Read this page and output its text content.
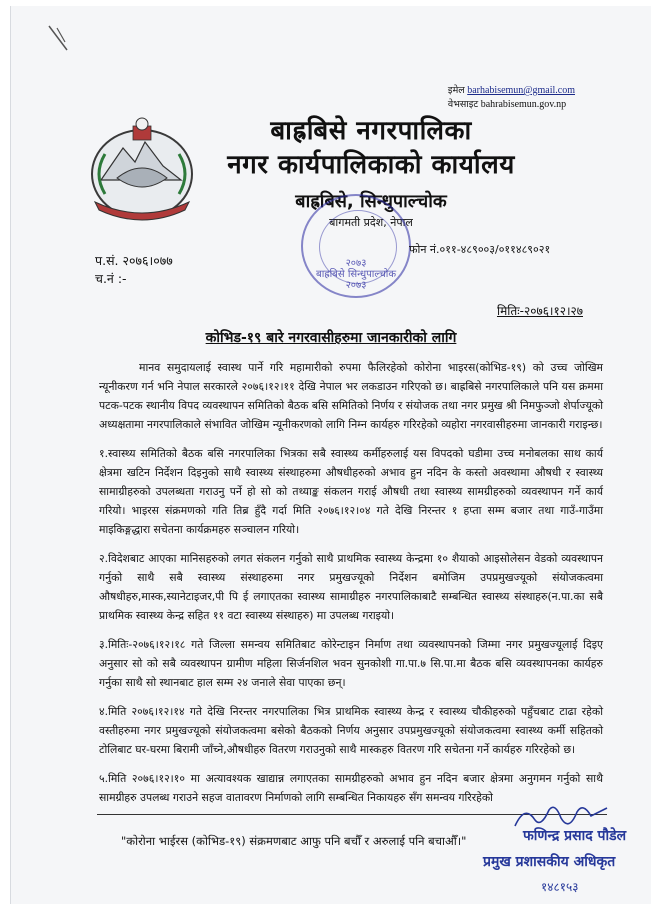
इमेल barhabisemun@gmail.com
वेभसाइट bahrabisemun.gov.np
बाह्रबिसे नगरपालिका
नगर कार्यपालिकाको कार्यालय
बाह्रबिसे, सिन्धुपाल्चोक
बागमती प्रदेश, नेपाल
२०७३
बाह्रबिसे सिन्धुपाल्चोक
२०७३
फोन नं.०११-४८९००३/०११४८९०२१
प.सं. २०७६।०७७
च.नं :-
मितिः-२०७६।१२।२७
कोभिड-१९ बारे नगरवासीहरुमा जानकारीको लागि

मानव समुदायलाई स्वास्थ पार्ने गरि महामारीको रुपमा फैलिरहेको कोरोना भाइरस(कोभिड-१९) को उच्च जोखिम न्यूनीकरण गर्न भनि नेपाल सरकारले २०७६।१२।११ देखि नेपाल भर लकडाउन गरिएको छ। बाह्रबिसे नगरपालिकाले पनि यस क्रममा पटक-पटक स्थानीय विपद व्यवस्थापन समितिको बैठक बसि समितिको निर्णय र संयोजक तथा नगर प्रमुख श्री निमफुञ्जो शेर्पाज्यूको अध्यक्षतामा नगरपालिकाले संभावित जोखिम न्यूनीकरणको लागि निम्न कार्यहरु गरिरहेको व्यहोरा नगरवासीहरुमा जानकारी गराइन्छ।

१.स्वास्थ्य समितिको बैठक बसि नगरपालिका भित्रका सबै स्वास्थ्य कर्मीहरुलाई यस विपदको घडीमा उच्च मनोबलका साथ कार्य क्षेत्रमा खटिन निर्देशन दिइनुको साथै स्वास्थ्य संस्थाहरुमा औषधीहरुको अभाव हुन नदिन के कस्तो अवस्थामा औषधी र स्वास्थ्य सामाग्रीहरुको उपलब्धता गराउनु पर्ने हो सो को तथ्याङ्क संकलन गराई औषधी तथा स्वास्थ्य सामग्रीहरुको व्यवस्थापन गर्ने कार्य गरियो। भाइरस संक्रमणको गति तिब्र हुँदै गर्दा मिति २०७६।१२।०४ गते देखि निरन्तर १ हप्ता सम्म बजार तथा गाउँ-गाउँमा माइकिङ्गद्धारा सचेतना कार्यक्रमहरु सञ्चालन गरियो।

२.विदेशबाट आएका मानिसहरुको लगत संकलन गर्नुको साथै प्राथमिक स्वास्थ्य केन्द्रमा १० शैयाको आइसोलेसन वेडको व्यवस्थापन गर्नुको साथै सबै स्वास्थ्य संस्थाहरुमा नगर प्रमुखज्यूको निर्देशन बमोजिम उपप्रमुखज्यूको संयोजकत्वमा औषधीहरु,मास्क,स्यानेटाइजर,पी पि ई लगाएतका स्वास्थ्य सामाग्रीहरु नगरपालिकाबाटै सम्बन्धित स्वास्थ्य संस्थाहरु(न.पा.का सबै प्राथमिक स्वास्थ्य केन्द्र सहित ११ वटा स्वास्थ्य संस्थाहरु) मा उपलब्ध गराइयो।

३.मितिः-२०७६।१२।१८ गते जिल्ला समन्वय समितिबाट कोरेन्टाइन निर्माण तथा व्यवस्थापनको जिम्मा नगर प्रमुखज्यूलाई दिइए अनुसार सो को सबै व्यवस्थापन ग्रामीण महिला सिर्जनशिल भवन सुनकोशी गा.पा.७ सि.पा.मा बैठक बसि व्यवस्थापनका कार्यहरु गर्नुका साथै सो स्थानबाट हाल सम्म २४ जनाले सेवा पाएका छन्।

४.मिति २०७६।१२।१४ गते देखि निरन्तर नगरपालिका भित्र प्राथमिक स्वास्थ्य केन्द्र र स्वास्थ्य चौकीहरुको पहुँचबाट टाढा रहेको वस्तीहरुमा नगर प्रमुखज्यूको संयोजकत्वमा बसेको बैठकको निर्णय अनुसार उपप्रमुखज्यूको संयोजकत्वमा स्वास्थ्य कर्मी सहितको टोलिबाट घर-घरमा बिरामी जाँच्ने,औषधीहरु वितरण गराउनुको साथै मास्कहरु वितरण गरि सचेतना गर्ने कार्यहरु गरिरहेको छ।

५.मिति २०७६।१२।१० मा अत्यावश्यक खाद्यान्न लगाएतका सामग्रीहरुको अभाव हुन नदिन बजार क्षेत्रमा अनुगमन गर्नुको साथै सामग्रीहरु उपलब्ध गराउने सहज वातावरण निर्माणको लागि सम्बन्धित निकायहरु सँग समन्वय गरिरहेको

"कोरोना भाईरस (कोभिड-१९) संक्रमणबाट आफु पनि बचौँ र अरुलाई पनि बचाऔँ।"	फणिन्द्र प्रसाद पौडेल
प्रमुख प्रशासकीय अधिकृत
१४८१५३
